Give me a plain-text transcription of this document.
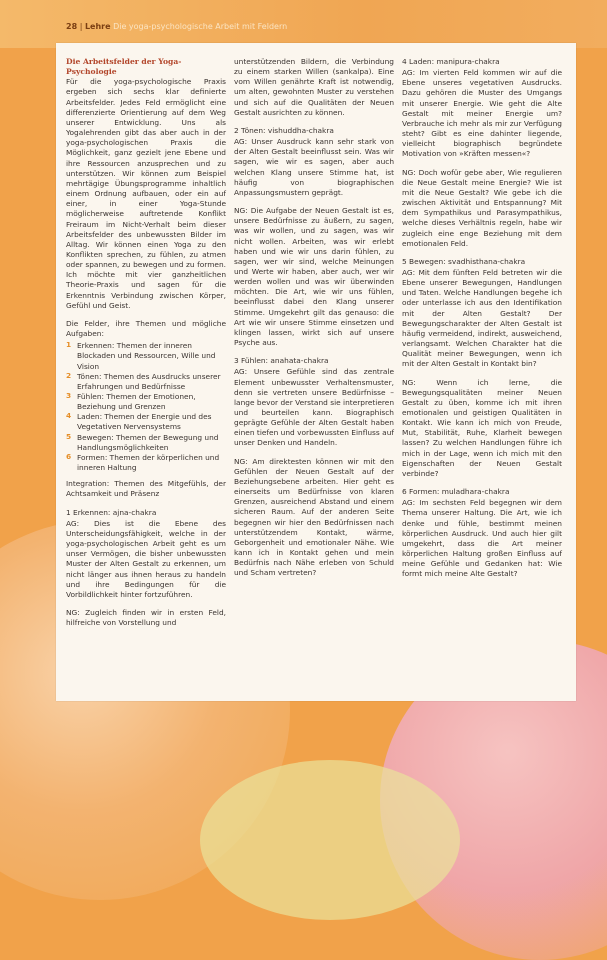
28 | Lehre Die yoga-psychologische Arbeit mit Feldern
Die Arbeitsfelder der Yoga-Psychologie

Für die yoga-psychologische Praxis ergeben sich sechs klar definierte Arbeitsfelder. Jedes Feld ermöglicht eine differenzierte Orientierung auf dem Weg unserer Entwicklung. Uns als Yogalehrenden gibt das aber auch in der yoga-psychologischen Praxis die Möglichkeit, ganz gezielt jene Ebene und ihre Ressourcen anzusprechen und zu unterstützen. Wir können zum Beispiel mehrtägige Übungsprogramme inhaltlich einem Ordnung aufbauen, oder ein auf einer, in einer Yoga-Stunde möglicherweise auftretende Konflikt Freiraum im Nicht-Verhalt beim dieser Arbeitsfelder des unbewussten Bilder im Alltag. Wir können einen Yoga zu den Konflikten sprechen, zu fühlen, zu atmen oder spannen, zu bewegen und zu formen. Ich möchte mit vier ganzheitlichen Theorie-Praxis und sagen für die Erkenntnis Verbindung zwischen Körper, Gefühl und Geist.

Die Felder, ihre Themen und mögliche Aufgaben:

1 Erkennen: Themen der inneren Blockaden und Ressourcen, Wille und Vision
2 Tönen: Themen des Ausdrucks unserer Erfahrungen und Bedürfnisse
3 Fühlen: Themen der Emotionen, Beziehung und Grenzen
4 Laden: Themen der Energie und des Vegetativen Nervensystems
5 Bewegen: Themen der Bewegung und Handlungsmöglichkeiten
6 Formen: Themen der körperlichen und inneren Haltung

Integration: Themen des Mitgefühls, der Achtsamkeit und Präsenz

1 Erkennen: ajna-chakra

AG: Dies ist die Ebene des Unterscheidungsfähigkeit, welche in der yoga-psychologischen Arbeit geht es um unser Vermögen, die bisher unbewussten Muster der Alten Gestalt zu erkennen, um nicht länger aus ihnen heraus zu handeln und ihre Bedingungen für die Vorbildlichkeit hinter fortzuführen.

NG: Zugleich finden wir in ersten Feld, hilfreiche von Vorstellung und

unterstützenden Bildern, die Verbindung zu einem starken Willen (sankalpa). Eine vom Willen genährte Kraft ist notwendig, um alten, gewohnten Muster zu verstehen und sich auf die Qualitäten der Neuen Gestalt ausrichten zu können.

2 Tönen: vishuddha-chakra

AG: Unser Ausdruck kann sehr stark von der Alten Gestalt beeinflusst sein. Was wir sagen, wie wir es sagen, aber auch welchen Klang unsere Stimme hat, ist häufig von biographischen Anpassungsmustern geprägt.

NG: Die Aufgabe der Neuen Gestalt ist es, unsere Bedürfnisse zu äußern, zu sagen, was wir wollen, und zu sagen, was wir nicht wollen. Arbeiten, was wir erlebt haben und wie wir uns darin fühlen, zu sagen, wer wir sind, welche Meinungen und Werte wir haben, aber auch, wer wir werden wollen und was wir überwinden möchten. Die Art, wie wir uns fühlen, beeinflusst dabei den Klang unserer Stimme. Umgekehrt gilt das genauso: die Art wie wir unsere Stimme einsetzen und klingen lassen, wirkt sich auf unsere Psyche aus.

3 Fühlen: anahata-chakra

AG: Unsere Gefühle sind das zentrale Element unbewusster Verhaltensmuster, denn sie vertreten unsere Bedürfnisse – lange bevor der Verstand sie interpretieren und beurteilen kann. Biographisch geprägte Gefühle der Alten Gestalt haben einen tiefen und vorbewussten Einfluss auf unser Denken und Handeln.

NG: Am direktesten können wir mit den Gefühlen der Neuen Gestalt auf der Beziehungsebene arbeiten. Hier geht es einerseits um Bedürfnisse von klaren Grenzen, ausreichend Abstand und einem sicheren Raum. Auf der anderen Seite begegnen wir hier den Bedürfnissen nach unterstützendem Kontakt, wärme, Geborgenheit und emotionaler Nähe. Wie kann ich in Kontakt gehen und mein Bedürfnis nach Nähe erleben von Schuld und Scham vertreten?

4 Laden: manipura-chakra

AG: Im vierten Feld kommen wir auf die Ebene unseres vegetativen Ausdrucks. Dazu gehören die Muster des Umgangs mit unserer Energie. Wie geht die Alte Gestalt mit meiner Energie um? Verbrauche ich mehr als mir zur Verfügung steht? Gibt es eine dahinter liegende, vielleicht biographisch begründete Motivation von »Kräften messen«?

NG: Doch wofür gebe aber, Wie regulieren die Neue Gestalt meine Energie? Wie ist mit die Neue Gestalt? Wie gebe ich die zwischen Aktivität und Entspannung? Mit dem Sympathikus und Parasympathikus, welche dieses Verhältnis regeln, habe wir zugleich eine enge Beziehung mit dem emotionalen Feld.

5 Bewegen: svadhisthana-chakra

AG: Mit dem fünften Feld betreten wir die Ebene unserer Bewegungen, Handlungen und Taten. Welche Handlungen begehe ich oder unterlasse ich aus den Identifikation mit der Alten Gestalt? Der Bewegungscharakter der Alten Gestalt ist häufig vermeidend, indirekt, ausweichend, verlangsamt. Welchen Charakter hat die Qualität meiner Bewegungen, wenn ich mit der Alten Gestalt in Kontakt bin?

NG: Wenn ich lerne, die Bewegungsqualitäten meiner Neuen Gestalt zu üben, komme ich mit ihren emotionalen und geistigen Qualitäten in Kontakt. Wie kann ich mich von Freude, Mut, Stabilität, Ruhe, Klarheit bewegen lassen? Zu welchen Handlungen führe ich mich in der Lage, wenn ich mich mit den Eigenschaften der Neuen Gestalt verbinde?

6 Formen: muladhara-chakra

AG: Im sechsten Feld begegnen wir dem Thema unserer Haltung. Die Art, wie ich denke und fühle, bestimmt meinen körperlichen Ausdruck. Und auch hier gilt umgekehrt, dass die Art meiner körperlichen Haltung großen Einfluss auf meine Gefühle und Gedanken hat: Wie formt mich meine Alte Gestalt?
